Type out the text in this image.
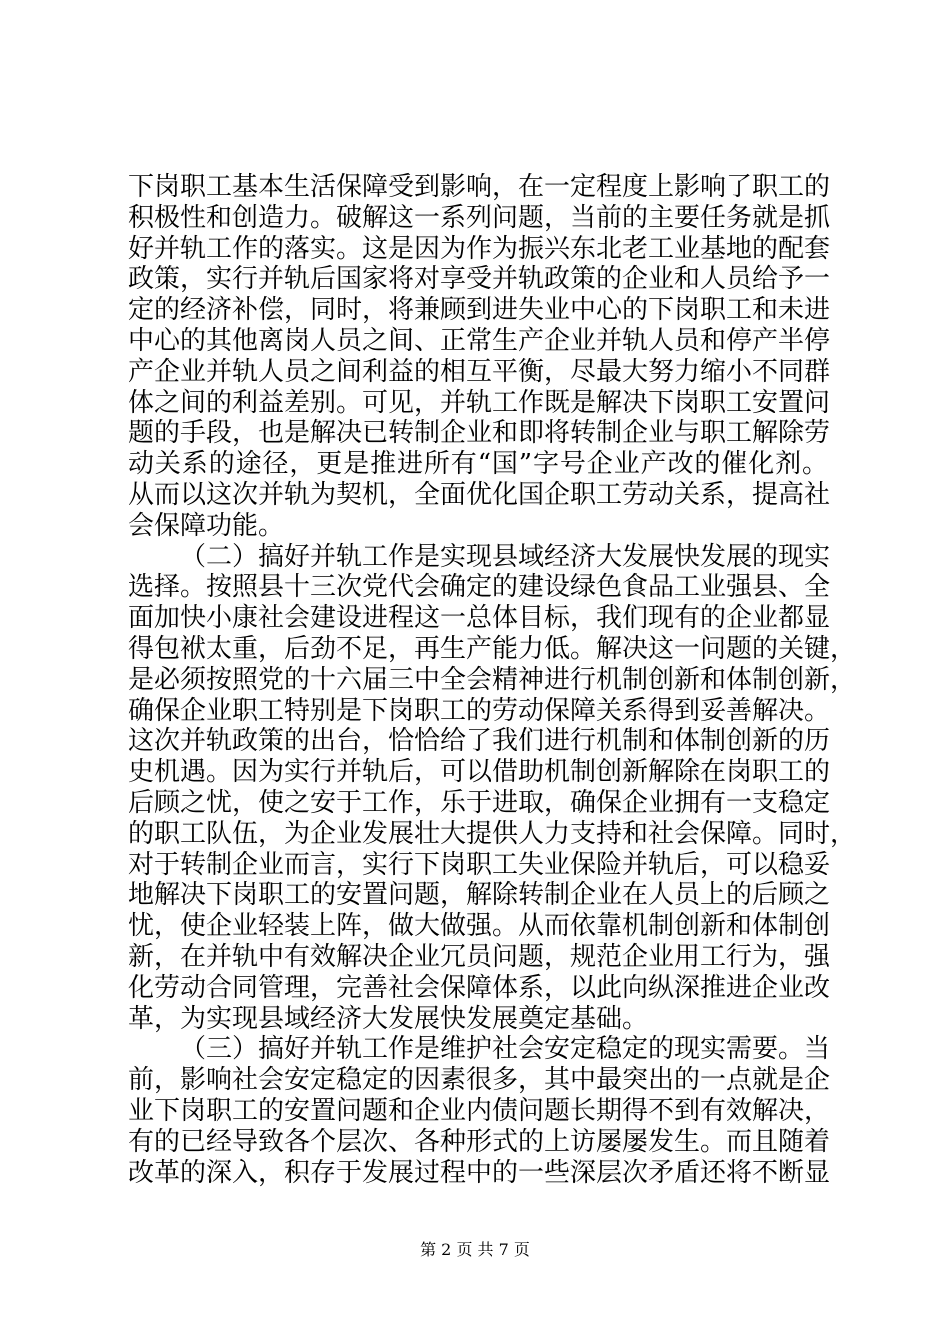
下岗职工基本生活保障受到影响，在一定程度上影响了职工的
积极性和创造力。破解这一系列问题，当前的主要任务就是抓
好并轨工作的落实。这是因为作为振兴东北老工业基地的配套
政策，实行并轨后国家将对享受并轨政策的企业和人员给予一
定的经济补偿，同时，将兼顾到进失业中心的下岗职工和未进
中心的其他离岗人员之间、正常生产企业并轨人员和停产半停
产企业并轨人员之间利益的相互平衡，尽最大努力缩小不同群
体之间的利益差别。可见，并轨工作既是解决下岗职工安置问
题的手段，也是解决已转制企业和即将转制企业与职工解除劳
动关系的途径，更是推进所有“国”字号企业产改的催化剂。
从而以这次并轨为契机，全面优化国企职工劳动关系，提高社
会保障功能。
（二）搞好并轨工作是实现县域经济大发展快发展的现实
选择。按照县十三次党代会确定的建设绿色食品工业强县、全
面加快小康社会建设进程这一总体目标，我们现有的企业都显
得包袱太重，后劲不足，再生产能力低。解决这一问题的关键，
是必须按照党的十六届三中全会精神进行机制创新和体制创新，
确保企业职工特别是下岗职工的劳动保障关系得到妥善解决。
这次并轨政策的出台，恰恰给了我们进行机制和体制创新的历
史机遇。因为实行并轨后，可以借助机制创新解除在岗职工的
后顾之忧，使之安于工作，乐于进取，确保企业拥有一支稳定
的职工队伍，为企业发展壮大提供人力支持和社会保障。同时，
对于转制企业而言，实行下岗职工失业保险并轨后，可以稳妥
地解决下岗职工的安置问题，解除转制企业在人员上的后顾之
忧，使企业轻装上阵，做大做强。从而依靠机制创新和体制创
新，在并轨中有效解决企业冗员问题，规范企业用工行为，强
化劳动合同管理，完善社会保障体系，以此向纵深推进企业改
革，为实现县域经济大发展快发展奠定基础。
（三）搞好并轨工作是维护社会安定稳定的现实需要。当
前，影响社会安定稳定的因素很多，其中最突出的一点就是企
业下岗职工的安置问题和企业内债问题长期得不到有效解决，
有的已经导致各个层次、各种形式的上访屡屡发生。而且随着
改革的深入，积存于发展过程中的一些深层次矛盾还将不断显
第 2 页 共 7 页
